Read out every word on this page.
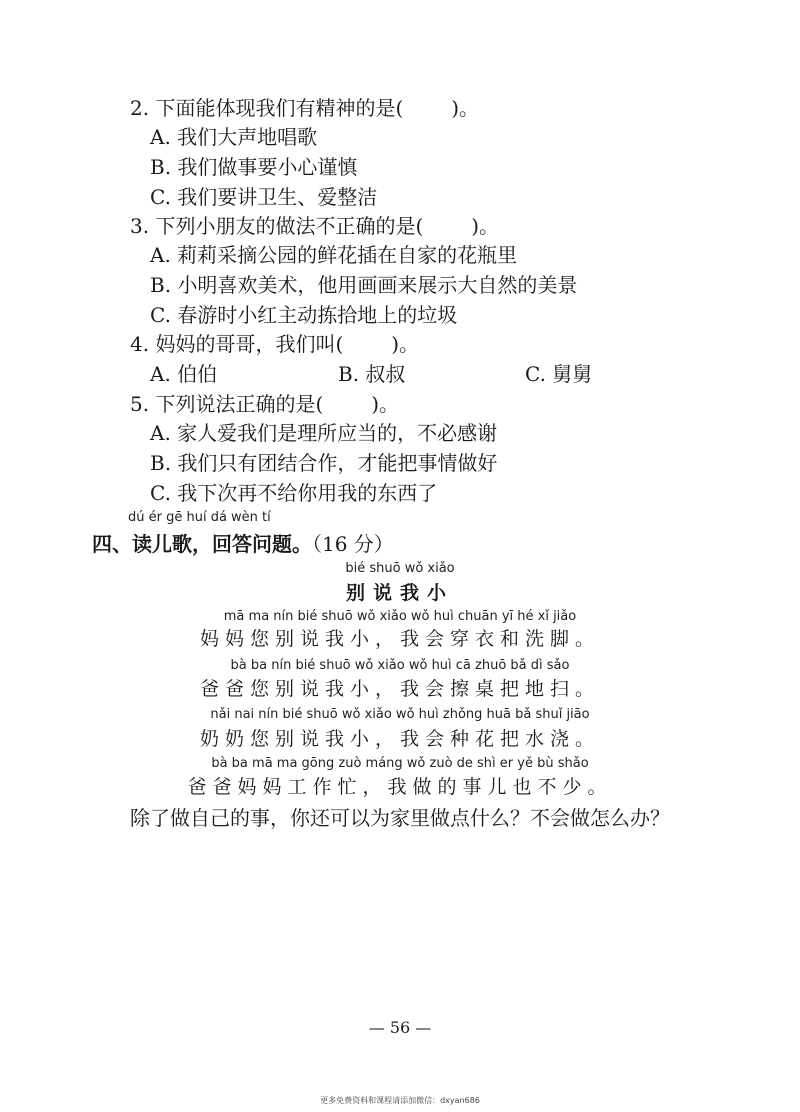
2. 下面能体现我们有精神的是( )。
A. 我们大声地唱歌
B. 我们做事要小心谨慎
C. 我们要讲卫生、爱整洁
3. 下列小朋友的做法不正确的是( )。
A. 莉莉采摘公园的鲜花插在自家的花瓶里
B. 小明喜欢美术，他用画画来展示大自然的美景
C. 春游时小红主动拣拾地上的垃圾
4. 妈妈的哥哥，我们叫( )。
A. 伯伯	B. 叔叔	C. 舅舅
5. 下列说法正确的是( )。
A. 家人爱我们是理所应当的，不必感谢
B. 我们只有团结合作，才能把事情做好
C. 我下次再不给你用我的东西了
dú ér gē huí dá wèn tí
四、读儿歌，回答问题。（16 分）
bié shuō wǒ xiǎo
别说我小
mā ma nín bié shuō wǒ xiǎo wǒ huì chuān yī hé xǐ jiǎo
妈妈您别说我小，我会穿衣和洗脚。
bà ba nín bié shuō wǒ xiǎo wǒ huì cā zhuō bǎ dì sǎo
爸爸您别说我小，我会擦桌把地扫。
nǎi nai nín bié shuō wǒ xiǎo wǒ huì zhǒng huā bǎ shuǐ jiāo
奶奶您别说我小，我会种花把水浇。
bà ba mā ma gōng zuò máng wǒ zuò de shì er yě bù shǎo
爸爸妈妈工作忙，我做的事儿也不少。
除了做自己的事，你还可以为家里做点什么？不会做怎么办？
— 56 —
更多免费资料和课程请添加微信：dxyan686
